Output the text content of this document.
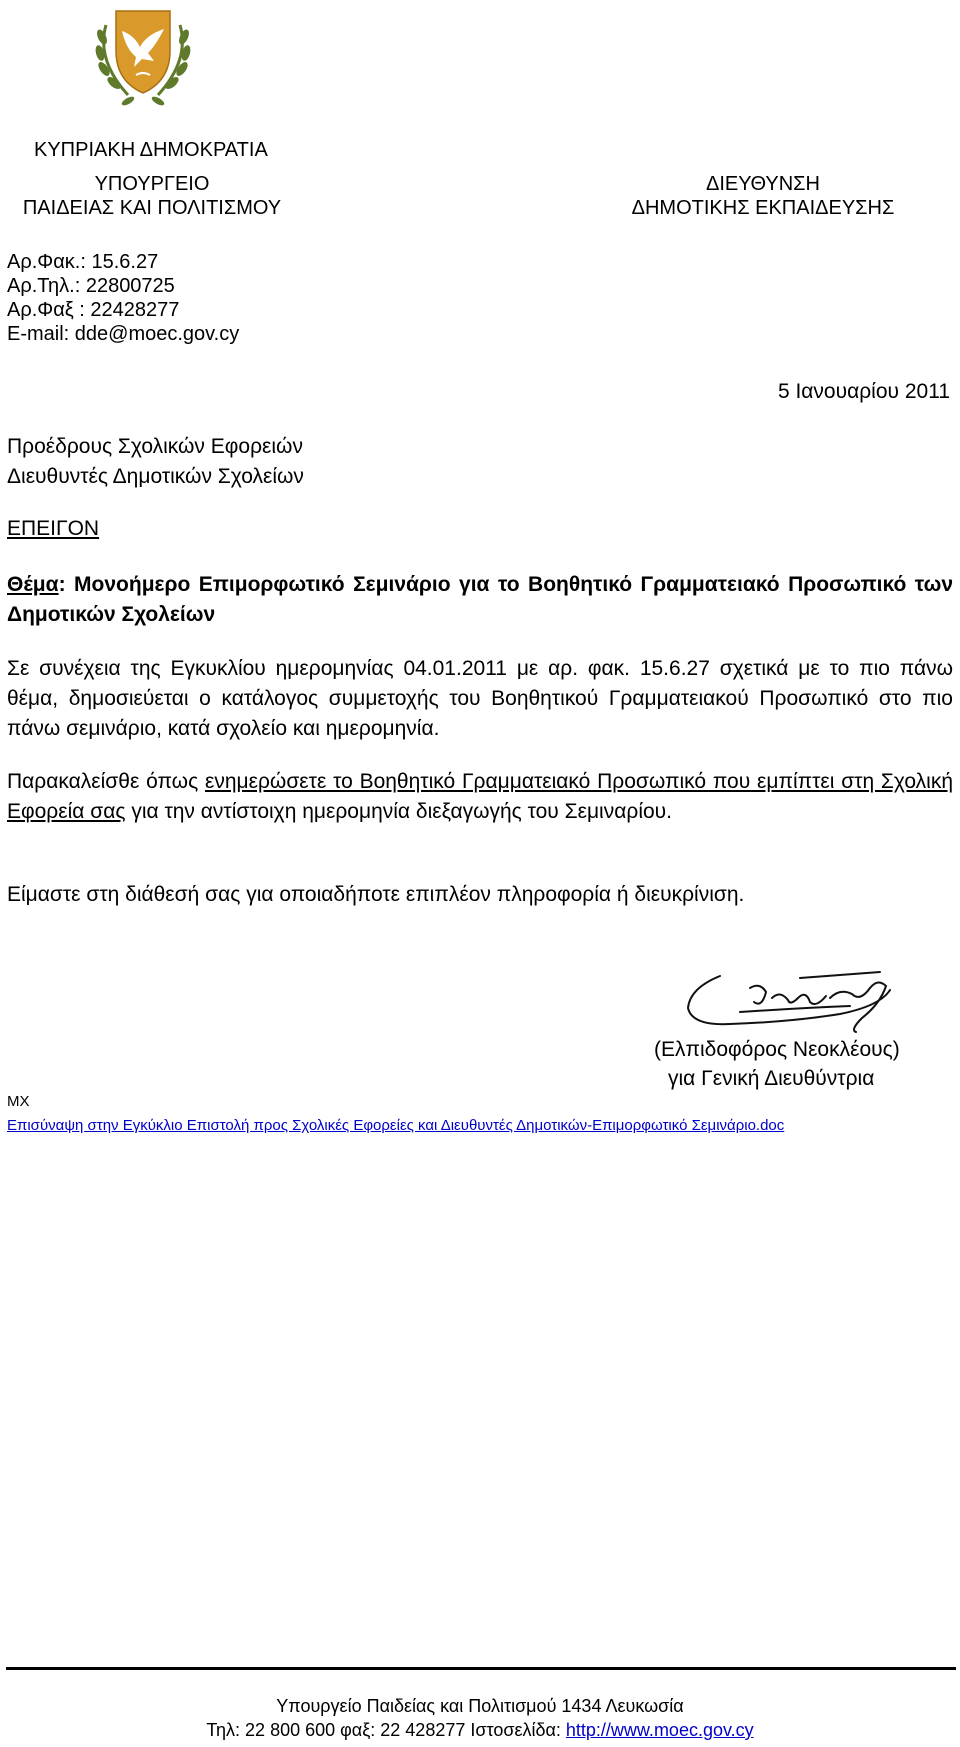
ΚΥΠΡΙΑΚΗ ΔΗΜΟΚΡΑΤΙΑ
ΥΠΟΥΡΓΕΙΟ
ΠΑΙΔΕΙΑΣ ΚΑΙ ΠΟΛΙΤΙΣΜΟΥ
ΔΙΕΥΘΥΝΣΗ
ΔΗΜΟΤΙΚΗΣ ΕΚΠΑΙΔΕΥΣΗΣ
Αρ.Φακ.: 15.6.27
Αρ.Τηλ.: 22800725
Αρ.Φαξ : 22428277
E-mail: dde@moec.gov.cy
5 Ιανουαρίου 2011
Προέδρους Σχολικών Εφορειών
Διευθυντές Δημοτικών Σχολείων
ΕΠΕΙΓΟΝ
Θέμα: Μονοήμερο Επιμορφωτικό Σεμινάριο για το Βοηθητικό Γραμματειακό Προσωπικό των Δημοτικών Σχολείων
Σε συνέχεια της Εγκυκλίου ημερομηνίας 04.01.2011 με αρ. φακ. 15.6.27 σχετικά με το πιο πάνω θέμα, δημοσιεύεται ο κατάλογος συμμετοχής του Βοηθητικού Γραμματειακού Προσωπικό στο πιο πάνω σεμινάριο, κατά σχολείο και ημερομηνία.
Παρακαλείσθε όπως ενημερώσετε το Βοηθητικό Γραμματειακό Προσωπικό που εμπίπτει στη Σχολική Εφορεία σας για την αντίστοιχη ημερομηνία διεξαγωγής του Σεμιναρίου.
Είμαστε στη διάθεσή σας για οποιαδήποτε επιπλέον πληροφορία ή διευκρίνιση.
(Ελπιδοφόρος Νεοκλέους)
για Γενική Διευθύντρια
ΜΧ
Επισύναψη στην Εγκύκλιο Επιστολή προς Σχολικές Εφορείες και Διευθυντές Δημοτικών-Επιμορφωτικό Σεμινάριο.doc
Υπουργείο Παιδείας και Πολιτισμού 1434 Λευκωσία
Τηλ: 22 800 600 φαξ: 22 428277 Ιστοσελίδα: http://www.moec.gov.cy
